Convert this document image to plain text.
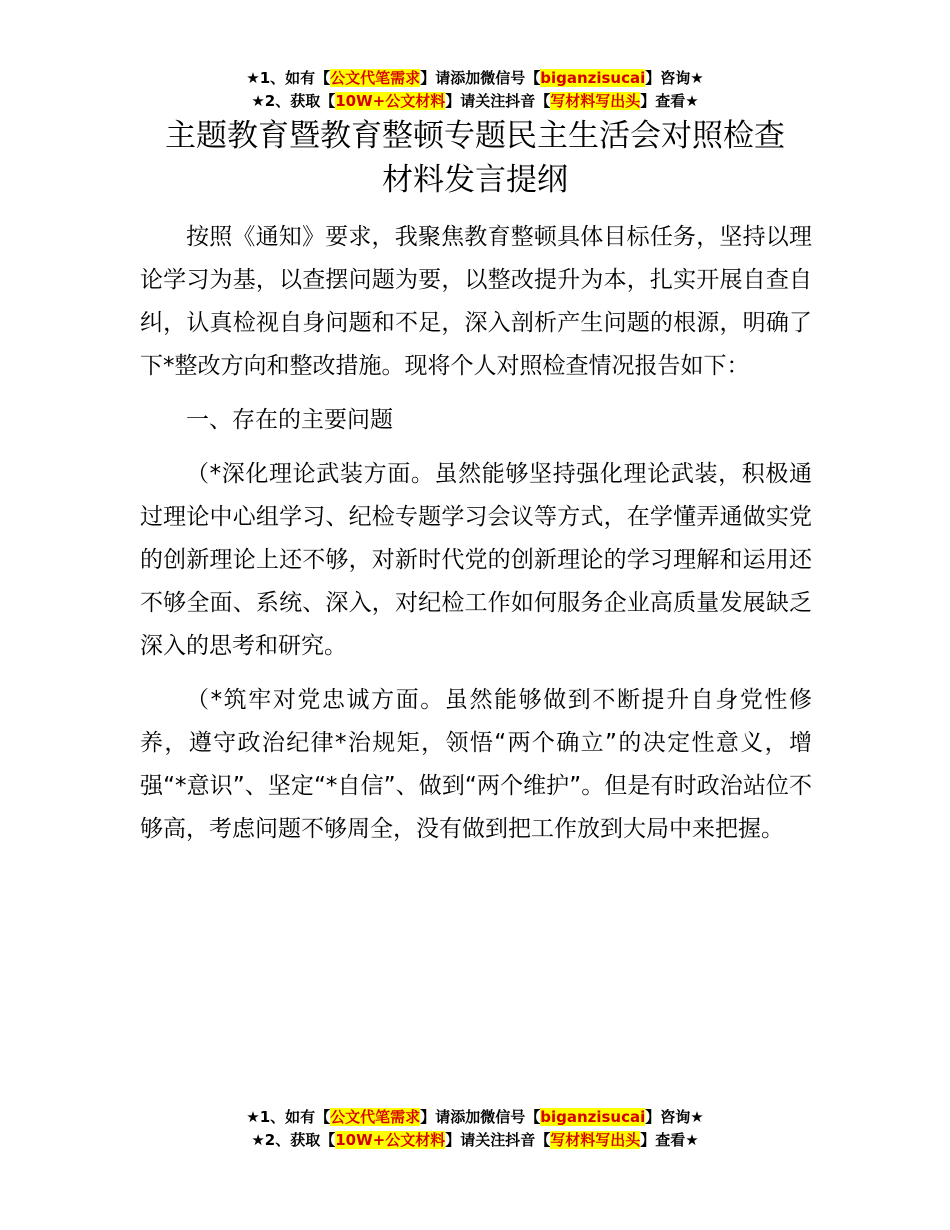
★1、如有【公文代笔需求】请添加微信号【biganzisucai】咨询★
★2、获取【10W+公文材料】请关注抖音【写材料写出头】查看★
主题教育暨教育整顿专题民主生活会对照检查
材料发言提纲

按照《通知》要求，我聚焦教育整顿具体目标任务，坚持以理论学习为基，以查摆问题为要，以整改提升为本，扎实开展自查自纠，认真检视自身问题和不足，深入剖析产生问题的根源，明确了下*整改方向和整改措施。现将个人对照检查情况报告如下：

一、存在的主要问题

（*深化理论武装方面。虽然能够坚持强化理论武装，积极通过理论中心组学习、纪检专题学习会议等方式，在学懂弄通做实党的创新理论上还不够，对新时代党的创新理论的学习理解和运用还不够全面、系统、深入，对纪检工作如何服务企业高质量发展缺乏深入的思考和研究。

（*筑牢对党忠诚方面。虽然能够做到不断提升自身党性修养，遵守政治纪律*治规矩，领悟“两个确立”的决定性意义，增强“*意识”、坚定“*自信”、做到“两个维护”。但是有时政治站位不够高，考虑问题不够周全，没有做到把工作放到大局中来把握。

★1、如有【公文代笔需求】请添加微信号【biganzisucai】咨询★
★2、获取【10W+公文材料】请关注抖音【写材料写出头】查看★
